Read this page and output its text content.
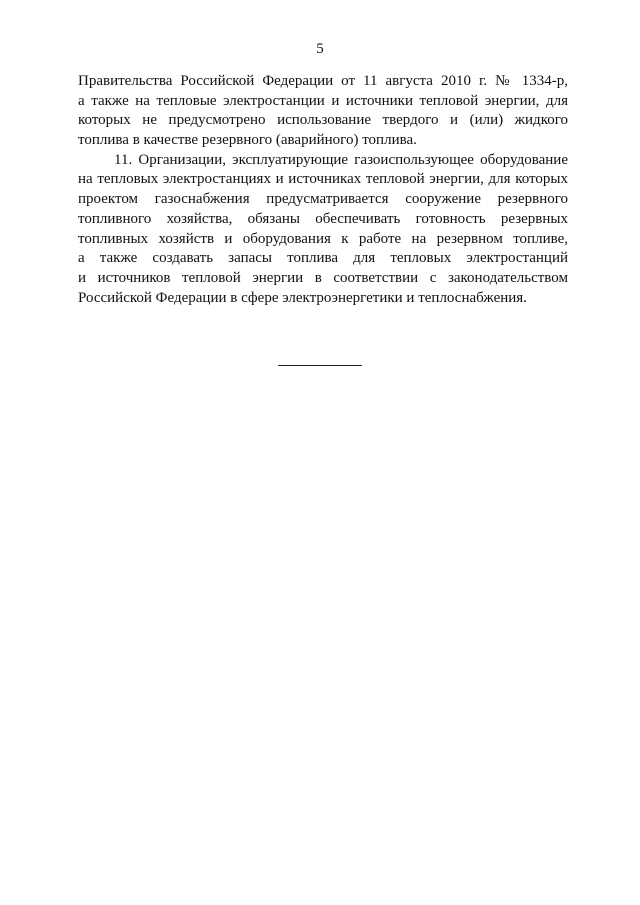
5
Правительства Российской Федерации от 11 августа 2010 г. № 1334-р,
а также на тепловые электростанции и источники тепловой энергии, для
которых не предусмотрено использование твердого и (или) жидкого
топлива в качестве резервного (аварийного) топлива.
11. Организации, эксплуатирующие газоиспользующее оборудование
на тепловых электростанциях и источниках тепловой энергии, для которых
проектом газоснабжения предусматривается сооружение резервного
топливного хозяйства, обязаны обеспечивать готовность резервных
топливных хозяйств и оборудования к работе на резервном топливе,
а также создавать запасы топлива для тепловых электростанций
и источников тепловой энергии в соответствии с законодательством
Российской Федерации в сфере электроэнергетики и теплоснабжения.
